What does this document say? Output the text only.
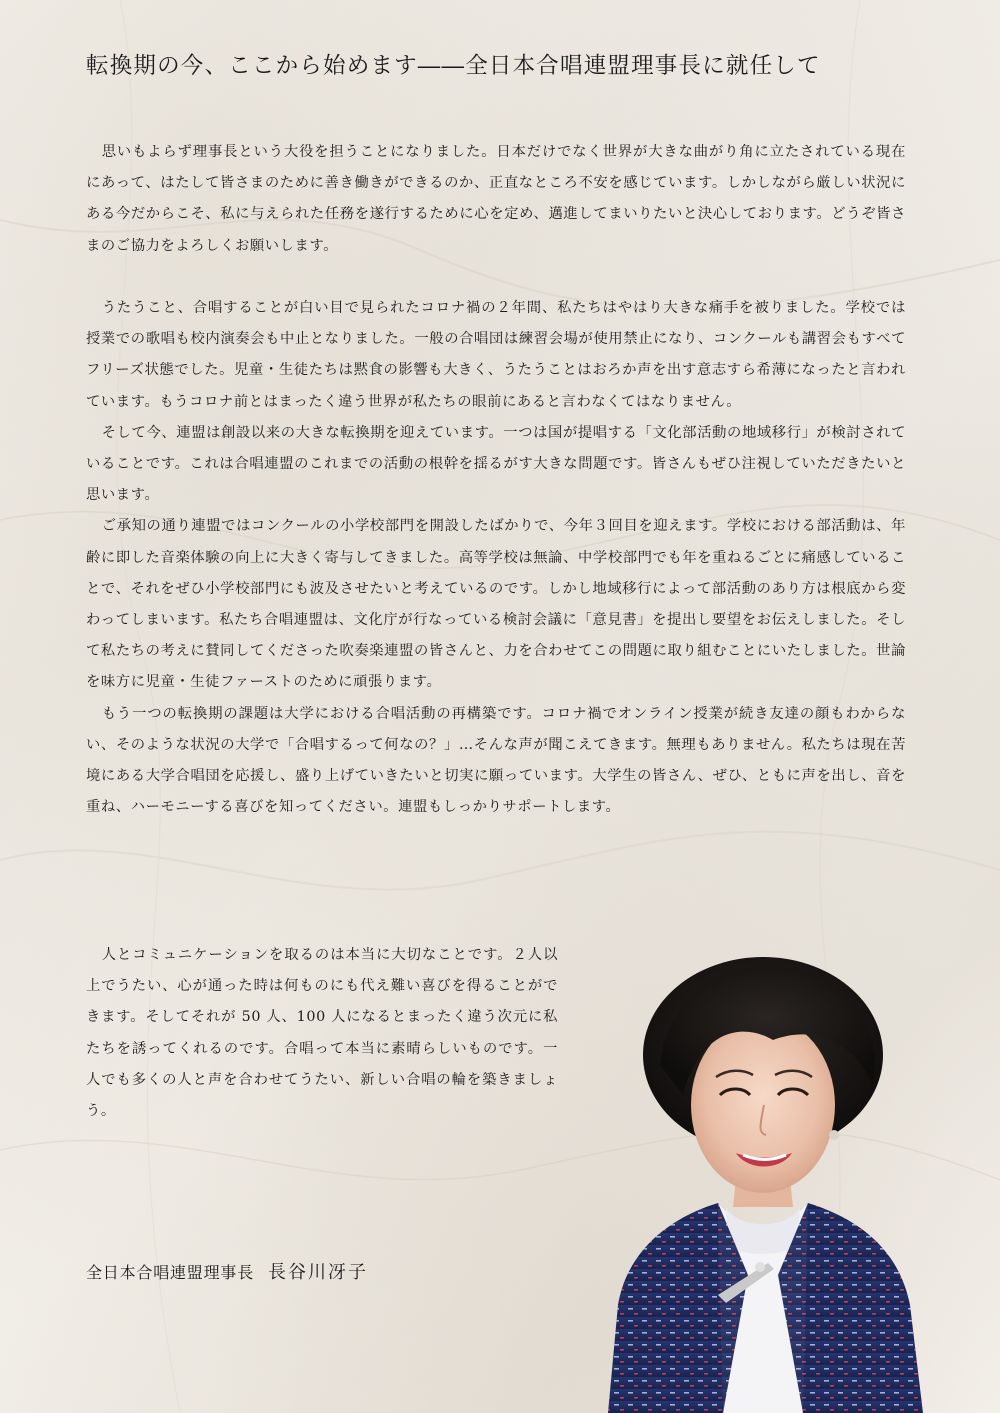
転換期の今、ここから始めます――全日本合唱連盟理事長に就任して

思いもよらず理事長という大役を担うことになりました。日本だけでなく世界が大きな曲がり角に立たされている現在にあって、はたして皆さまのために善き働きができるのか、正直なところ不安を感じています。しかしながら厳しい状況にある今だからこそ、私に与えられた任務を遂行するために心を定め、邁進してまいりたいと決心しております。どうぞ皆さまのご協力をよろしくお願いします。

うたうこと、合唱することが白い目で見られたコロナ禍の２年間、私たちはやはり大きな痛手を被りました。学校では授業での歌唱も校内演奏会も中止となりました。一般の合唱団は練習会場が使用禁止になり、コンクールも講習会もすべてフリーズ状態でした。児童・生徒たちは黙食の影響も大きく、うたうことはおろか声を出す意志すら希薄になったと言われています。もうコロナ前とはまったく違う世界が私たちの眼前にあると言わなくてはなりません。

そして今、連盟は創設以来の大きな転換期を迎えています。一つは国が提唱する「文化部活動の地域移行」が検討されていることです。これは合唱連盟のこれまでの活動の根幹を揺るがす大きな問題です。皆さんもぜひ注視していただきたいと思います。

ご承知の通り連盟ではコンクールの小学校部門を開設したばかりで、今年３回目を迎えます。学校における部活動は、年齢に即した音楽体験の向上に大きく寄与してきました。高等学校は無論、中学校部門でも年を重ねるごとに痛感していることで、それをぜひ小学校部門にも波及させたいと考えているのです。しかし地域移行によって部活動のあり方は根底から変わってしまいます。私たち合唱連盟は、文化庁が行なっている検討会議に「意見書」を提出し要望をお伝えしました。そして私たちの考えに賛同してくださった吹奏楽連盟の皆さんと、力を合わせてこの問題に取り組むことにいたしました。世論を味方に児童・生徒ファーストのために頑張ります。

もう一つの転換期の課題は大学における合唱活動の再構築です。コロナ禍でオンライン授業が続き友達の顔もわからない、そのような状況の大学で「合唱するって何なの？」…そんな声が聞こえてきます。無理もありません。私たちは現在苦境にある大学合唱団を応援し、盛り上げていきたいと切実に願っています。大学生の皆さん、ぜひ、ともに声を出し、音を重ね、ハーモニーする喜びを知ってください。連盟もしっかりサポートします。

人とコミュニケーションを取るのは本当に大切なことです。２人以上でうたい、心が通った時は何ものにも代え難い喜びを得ることができます。そしてそれが 50 人、100 人になるとまったく違う次元に私たちを誘ってくれるのです。合唱って本当に素晴らしいものです。一人でも多くの人と声を合わせてうたい、新しい合唱の輪を築きましょう。

全日本合唱連盟理事長 長谷川冴子
